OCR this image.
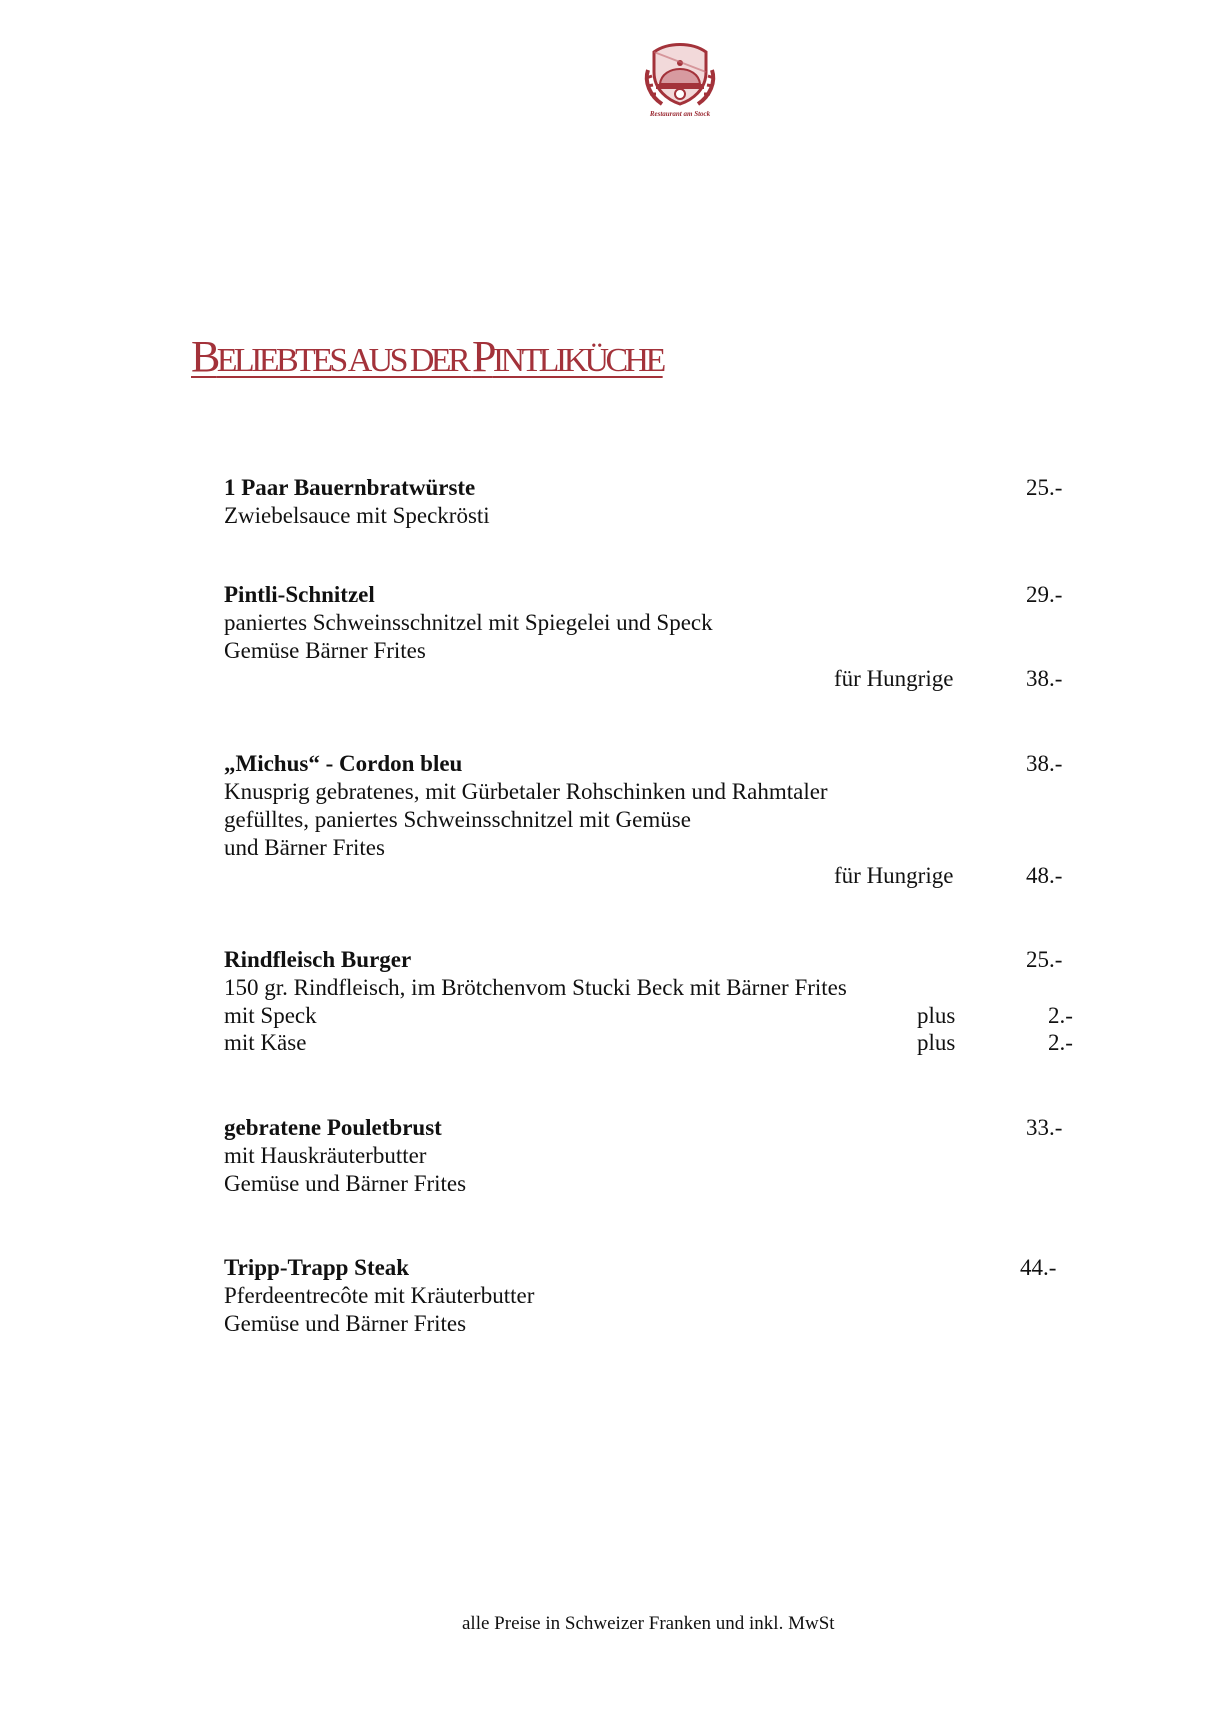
Restaurant am Stock
BELIEBTES AUS DER PINTLIKÜCHE
1 Paar Bauernbratwürste	25.-
Zwiebelsauce mit Speckrösti
Pintli-Schnitzel	29.-
paniertes Schweinsschnitzel mit Spiegelei und Speck
Gemüse Bärner Frites
für Hungrige	38.-
„Michus“ - Cordon bleu	38.-
Knusprig gebratenes, mit Gürbetaler Rohschinken und Rahmtaler
gefülltes, paniertes Schweinsschnitzel mit Gemüse
und Bärner Frites
für Hungrige	48.-
Rindfleisch Burger	25.-
150 gr. Rindfleisch, im Brötchenvom Stucki Beck mit Bärner Frites
mit Speck	plus	2.-
mit Käse	plus	2.-
gebratene Pouletbrust	33.-
mit Hauskräuterbutter
Gemüse und Bärner Frites
Tripp-Trapp Steak	44.-
Pferdeentrecôte mit Kräuterbutter
Gemüse und Bärner Frites
alle Preise in Schweizer Franken und inkl. MwSt
